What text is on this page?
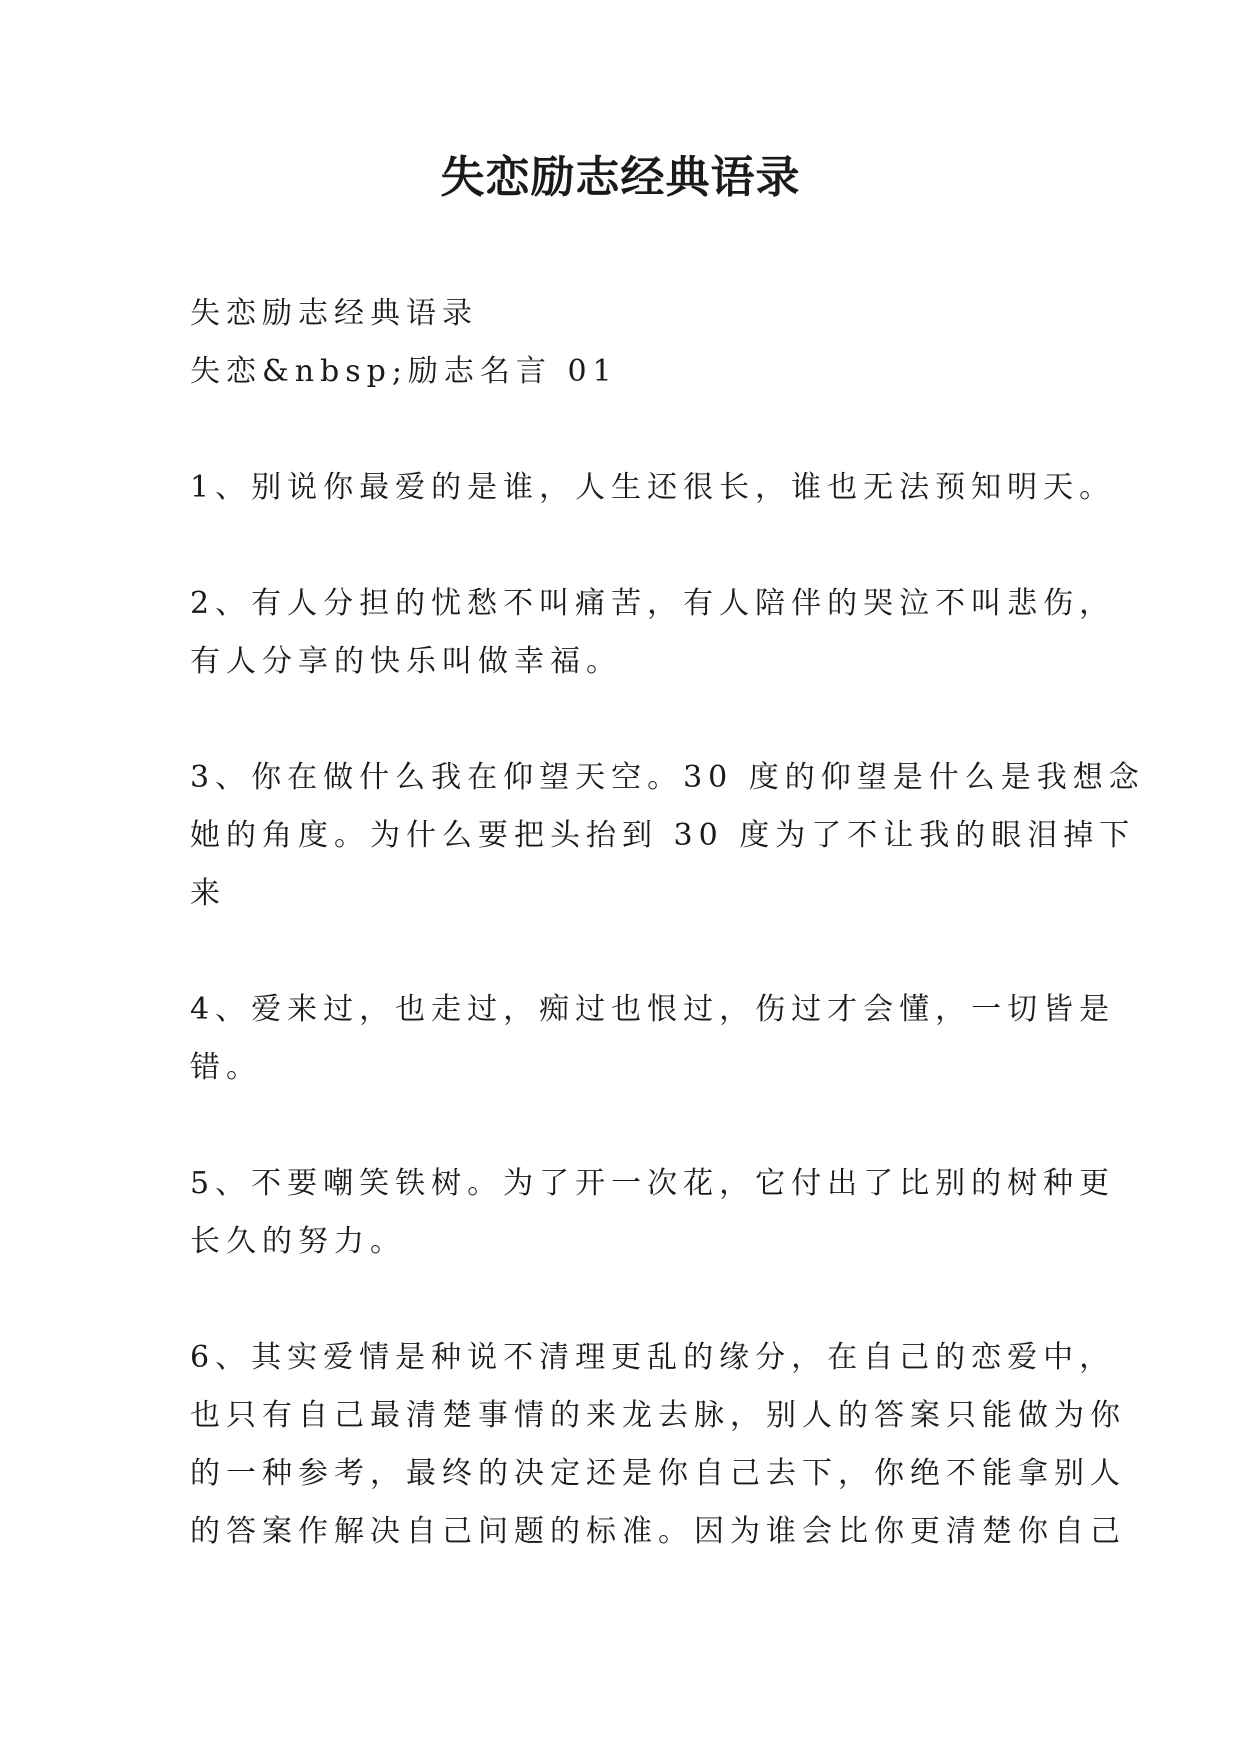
失恋励志经典语录
失恋励志经典语录
失恋&nbsp;励志名言 01
1、别说你最爱的是谁，人生还很长，谁也无法预知明天。
2、有人分担的忧愁不叫痛苦，有人陪伴的哭泣不叫悲伤，
有人分享的快乐叫做幸福。
3、你在做什么我在仰望天空。30 度的仰望是什么是我想念
她的角度。为什么要把头抬到 30 度为了不让我的眼泪掉下
来
4、爱来过，也走过，痴过也恨过，伤过才会懂，一切皆是
错。
5、不要嘲笑铁树。为了开一次花，它付出了比别的树种更
长久的努力。
6、其实爱情是种说不清理更乱的缘分，在自己的恋爱中，
也只有自己最清楚事情的来龙去脉，别人的答案只能做为你
的一种参考，最终的决定还是你自己去下，你绝不能拿别人
的答案作解决自己问题的标准。因为谁会比你更清楚你自己
